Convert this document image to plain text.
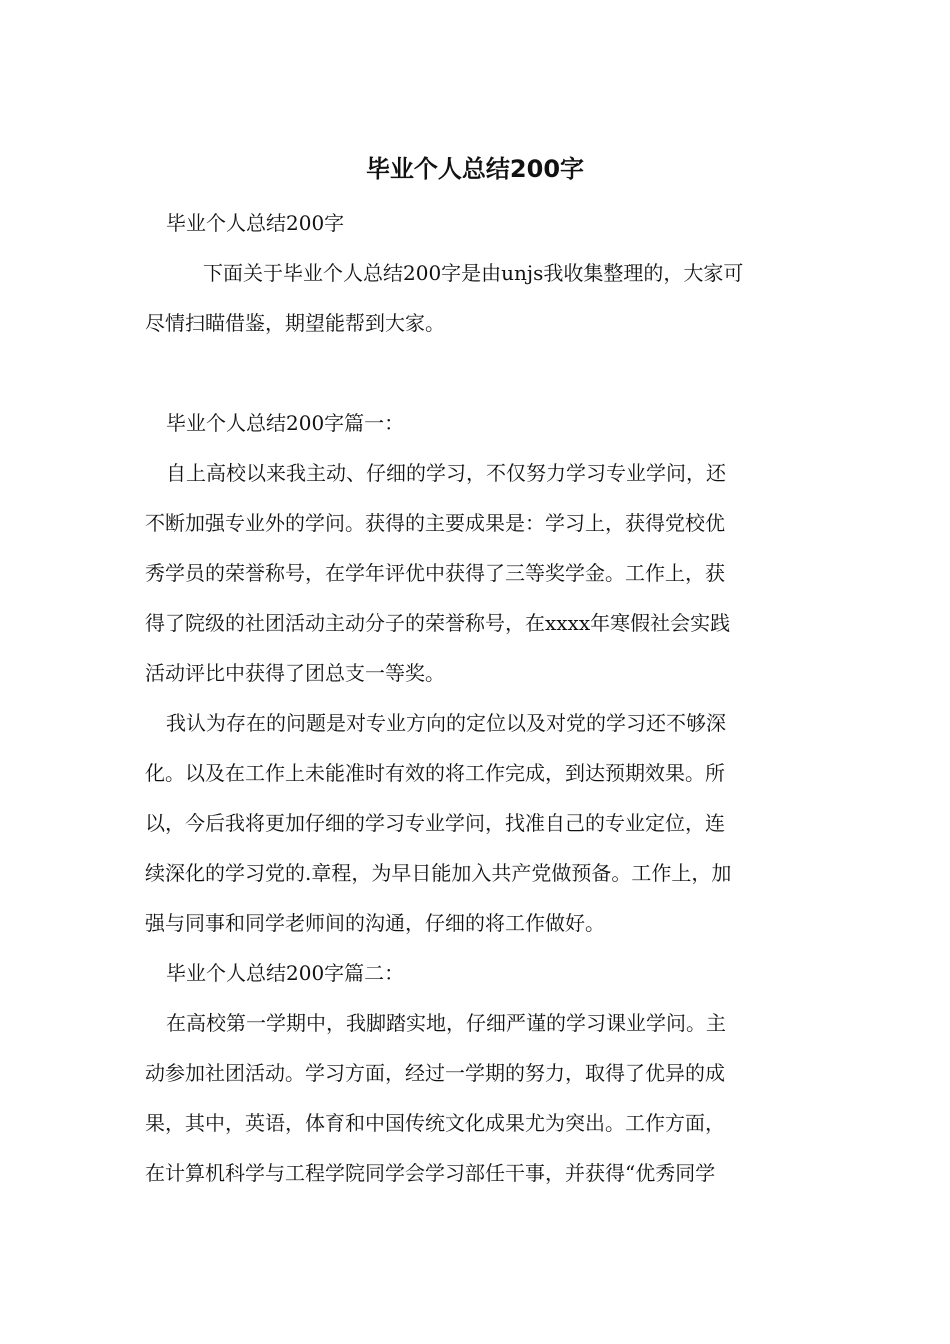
毕业个人总结200字

毕业个人总结200字

下面关于毕业个人总结200字是由unjs我收集整理的，大家可
尽情扫瞄借鉴，期望能帮到大家。

毕业个人总结200字篇一：

自上高校以来我主动、仔细的学习，不仅努力学习专业学问，还
不断加强专业外的学问。获得的主要成果是：学习上，获得党校优
秀学员的荣誉称号，在学年评优中获得了三等奖学金。工作上，获
得了院级的社团活动主动分子的荣誉称号，在xxxx年寒假社会实践
活动评比中获得了团总支一等奖。

我认为存在的问题是对专业方向的定位以及对党的学习还不够深
化。以及在工作上未能准时有效的将工作完成，到达预期效果。所
以，今后我将更加仔细的学习专业学问，找准自己的专业定位，连
续深化的学习党的.章程，为早日能加入共产党做预备。工作上，加
强与同事和同学老师间的沟通，仔细的将工作做好。

毕业个人总结200字篇二：

在高校第一学期中，我脚踏实地，仔细严谨的学习课业学问。主
动参加社团活动。学习方面，经过一学期的努力，取得了优异的成
果，其中，英语，体育和中国传统文化成果尤为突出。工作方面，
在计算机科学与工程学院同学会学习部任干事，并获得“优秀同学
